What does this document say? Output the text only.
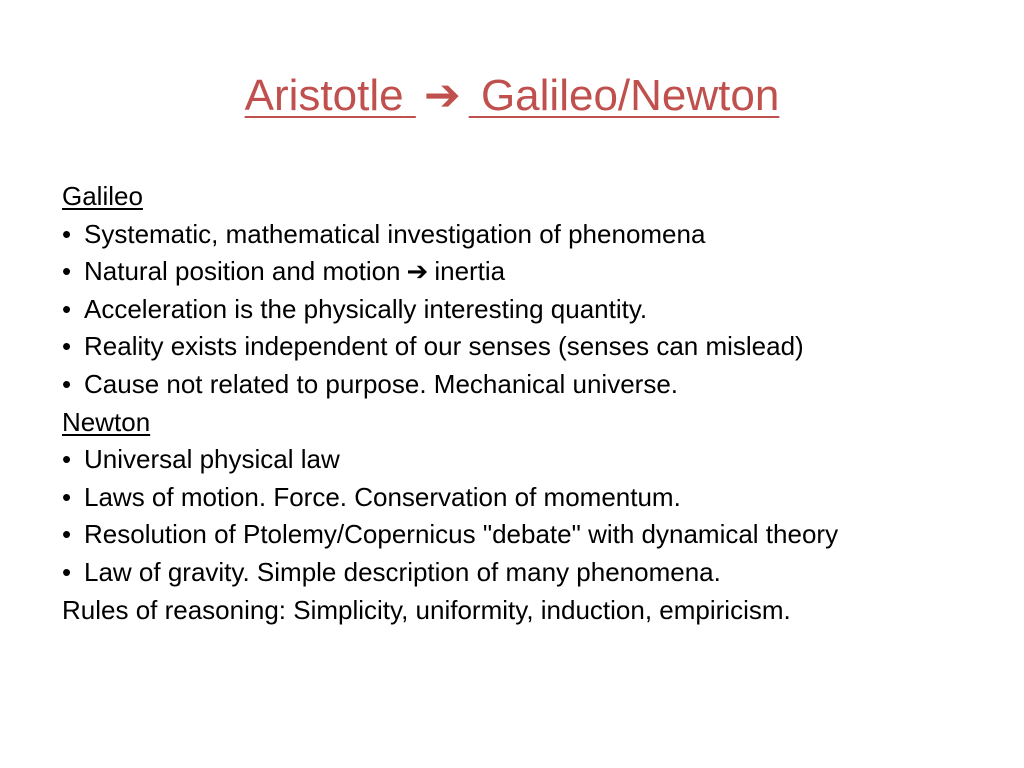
Aristotle ➔ Galileo/Newton
Galileo
• Systematic, mathematical investigation of phenomena
• Natural position and motion ➔ inertia
• Acceleration is the physically interesting quantity.
• Reality exists independent of our senses (senses can mislead)
• Cause not related to purpose. Mechanical universe.
Newton
• Universal physical law
• Laws of motion. Force. Conservation of momentum.
• Resolution of Ptolemy/Copernicus "debate" with dynamical theory
• Law of gravity. Simple description of many phenomena.
Rules of reasoning: Simplicity, uniformity, induction, empiricism.
